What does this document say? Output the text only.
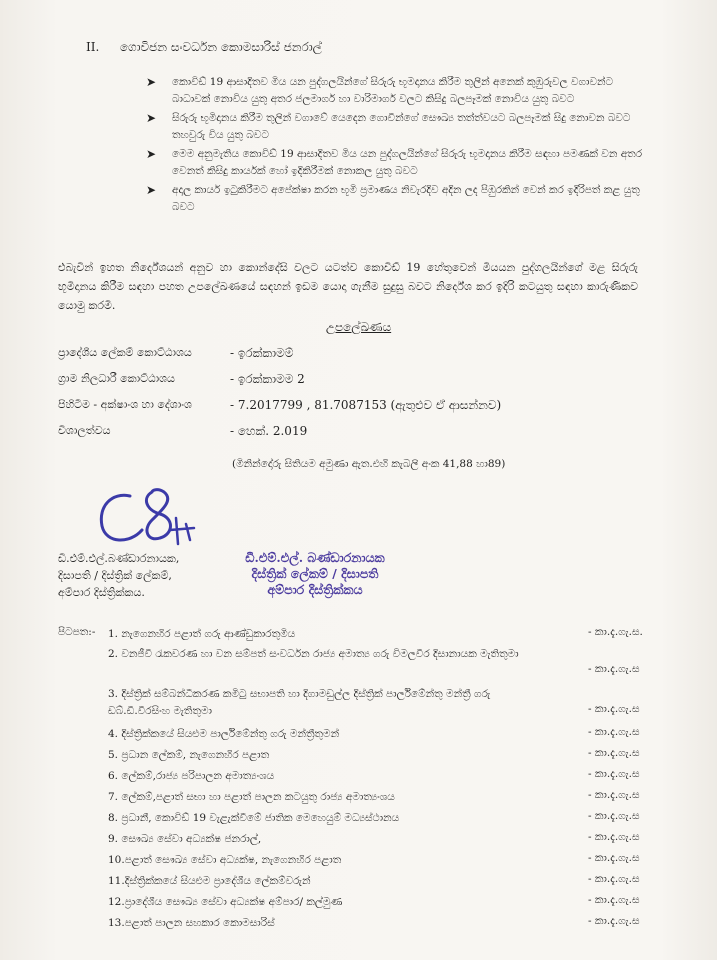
II. ගොවිජන සංවර්ධන කොමසාරිස් ජනරාල්
➤ කොවිඩ් 19 ආසාදිතව මිය යන පුද්ගලයින්ගේ සිරුරු භූමදානය කිරීම තුලින් අනෙක් කුඹුරුවල වගාවන්ට බාධාවක් නොවිය යුතු අතර ජලමාර්ග හා වාරිමාර්ග වලට කිසිදු බලපෑමක් නොවිය යුතු බවට
➤ සිරුරු භූමිදානය කිරීම තුලින් වගාවේ යෙදෙන ගොවීන්ගේ සෞඛ්‍ය තත්ත්වයට බලපෑමක් සිදු නොවන බවට තහවුරු විය යුතු බවට
➤ මෙම අනුමැතිය කොවිඩ් 19 ආසාදිතව මිය යන පුද්ගලයින්ගේ සිරුරු භූමදානය කිරීම සඳහා පමණක් වන අතර වෙනත් කිසිදු කාර්යක් හෝ ඉදිකිරීමක් නොකල යුතු බවට
➤ අදාල කාර්ය ඉටුකිරීමට අපේක්ෂා කරන භූමි ප්‍රමාණය නිවැරදිව අදින ලද පිඹුරකින් වෙන් කර ඉදිරිපත් කළ යුතු බවට
එබැවින් ඉහත නිර්දේශයන් අනුව හා කොන්දේසි වලට යටත්ව කොවිඩ් 19 හේතුවෙන් මියයන පුද්ගලයින්ගේ මළ සිරුරු භූමිදානය කිරීම සඳහා පහත උපලේඛණයේ සඳහන් ඉඩම යොදා ගැනීම සුදුසු බවට නිර්දේශ කර ඉදිරි කටයුතු සඳහා කාරුණිකව යොමු කරමි.
උපලේඛණය
ප්‍රාදේශීය ලේකම් කොට්ඨාශය	- ඉරක්කාමම්
ග්‍රාම නිලධාරී කොට්ඨාශය	- ඉරක්කාමම 2
පිහිටීම - අක්ෂාංශ හා දේශාංශ	- 7.2017799 , 81.7087153 (ඇතුළුව ඒ ආසන්නව)
විශාලත්වය	- හෙක්. 2.019
(මිනින්දෝරු සිතියම අමුණා ඇත.එහි කැබලි අංක 41,88 හා89)
ඩී.එම්.එල්.බණ්ඩාරනායක,
දිසාපති / දිස්ත්‍රික් ලේකම්,
අම්පාර දිස්ත්‍රික්කය.
ඩී.එම්.එල්. බණ්ඩාරනායක
දිස්ත්‍රික් ලේකම් / දිසාපති
අම්පාර දිස්ත්‍රික්කය
පිටපත:- 1. නැගෙනහිර පළාත් ගරු ආණ්ඩුකාරතුමිය	- කා.දැ.ගැ.ස.
2. වනජීවී රැකවරණ හා වන සම්පත් සංවර්ධන රාජ්‍ය අමාත්‍ය ගරු විමලවීර දිසානායක මැතිතුමා
- කා.දැ.ගැ.ස
3. දිස්ත්‍රික් සම්බන්ධීකරණ කමිටු සභාපති හා දිගාමඩුල්ල දිස්ත්‍රික් පාර්ලිමේන්තු මන්ත්‍රී ගරු ඩබ්.ඩී.වීරසිංහ මැතිතුමා	- කා.දැ.ගැ.ස
4. දිස්ත්‍රික්කයේ සියළුම පාර්ලිමේන්තු ගරු මන්ත්‍රීතුමන්	- කා.දැ.ගැ.ස
5. ප්‍රධාන ලේකම්, නැගෙනහිර පළාත	- කා.දැ.ගැ.ස
6. ලේකම්,රාජ්‍ය පරිපාලන අමාත්‍යංශය	- කා.දැ.ගැ.ස
7. ලේකම්,පළාත් සභා හා පළාත් පාලන කටයුතු රාජ්‍ය අමාත්‍යංශය	- කා.දැ.ගැ.ස
8. ප්‍රධානී, කොවිඩ් 19 වැළැක්වීමේ ජාතික මෙහෙයුම් මධ්‍යස්ථානය	- කා.දැ.ගැ.ස
9. සෞඛ්‍ය සේවා අධ්‍යක්ෂ ජනරාල්,	- කා.දැ.ගැ.ස
10.පළාත් සෞඛ්‍ය සේවා අධ්‍යක්ෂ, නැගෙනහිර පළාත	- කා.දැ.ගැ.ස
11.දිස්ත්‍රික්කයේ සියළුම ප්‍රාදේශීය ලේකම්වරුන්	- කා.දැ.ගැ.ස
12.ප්‍රාදේශීය සෞඛ්‍ය සේවා අධ්‍යක්ෂ අම්පාර/ කල්මුණ	- කා.දැ.ගැ.ස
13.පළාත් පාලන සහකාර කොමසාරිස්	- කා.දැ.ගැ.ස
